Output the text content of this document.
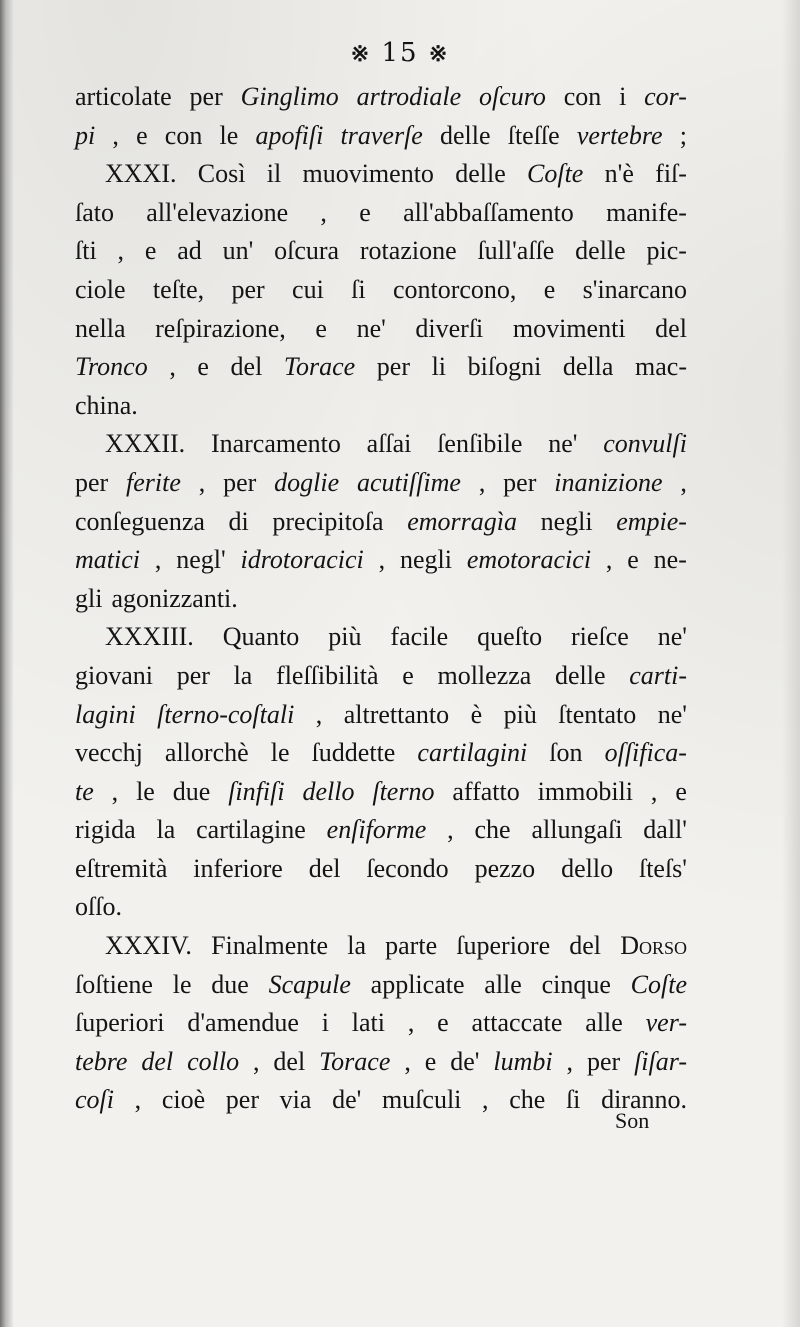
※ 15 ※
articolate per Ginglimo artrodiale oſcuro con i cor-
pi , e con le apofiſi traverſe delle ſteſſe vertebre ;
XXXI. Così il muovimento delle Coſte n'è fiſ-
ſato all'elevazione , e all'abbaſſamento manife-
ſti , e ad un' oſcura rotazione ſull'aſſe delle pic-
ciole teſte, per cui ſi contorcono, e s'inarcano
nella reſpirazione, e ne' diverſi movimenti del
Tronco , e del Torace per li biſogni della mac-
china.
XXXII. Inarcamento aſſai ſenſibile ne' convulſi
per ferite , per doglie acutiſſime , per inanizione ,
conſeguenza di precipitoſa emorragìa negli empie-
matici , negl' idrotoracici , negli emotoracici , e ne-
gli agonizzanti.
XXXIII. Quanto più facile queſto rieſce ne'
giovani per la fleſſibilità e mollezza delle carti-
lagini ſterno-coſtali , altrettanto è più ſtentato ne'
vecchj allorchè le ſuddette cartilagini ſon oſſifica-
te , le due ſinfiſi dello ſterno affatto immobili , e
rigida la cartilagine enſiforme , che allungaſi dall'
eſtremità inferiore del ſecondo pezzo dello ſteſs'
oſſo.
XXXIV. Finalmente la parte ſuperiore del Dorso
ſoſtiene le due Scapule applicate alle cinque Coſte
ſuperiori d'amendue i lati , e attaccate alle ver-
tebre del collo , del Torace , e de' lumbi , per ſiſar-
coſi , cioè per via de' muſculi , che ſi diranno.
Son
